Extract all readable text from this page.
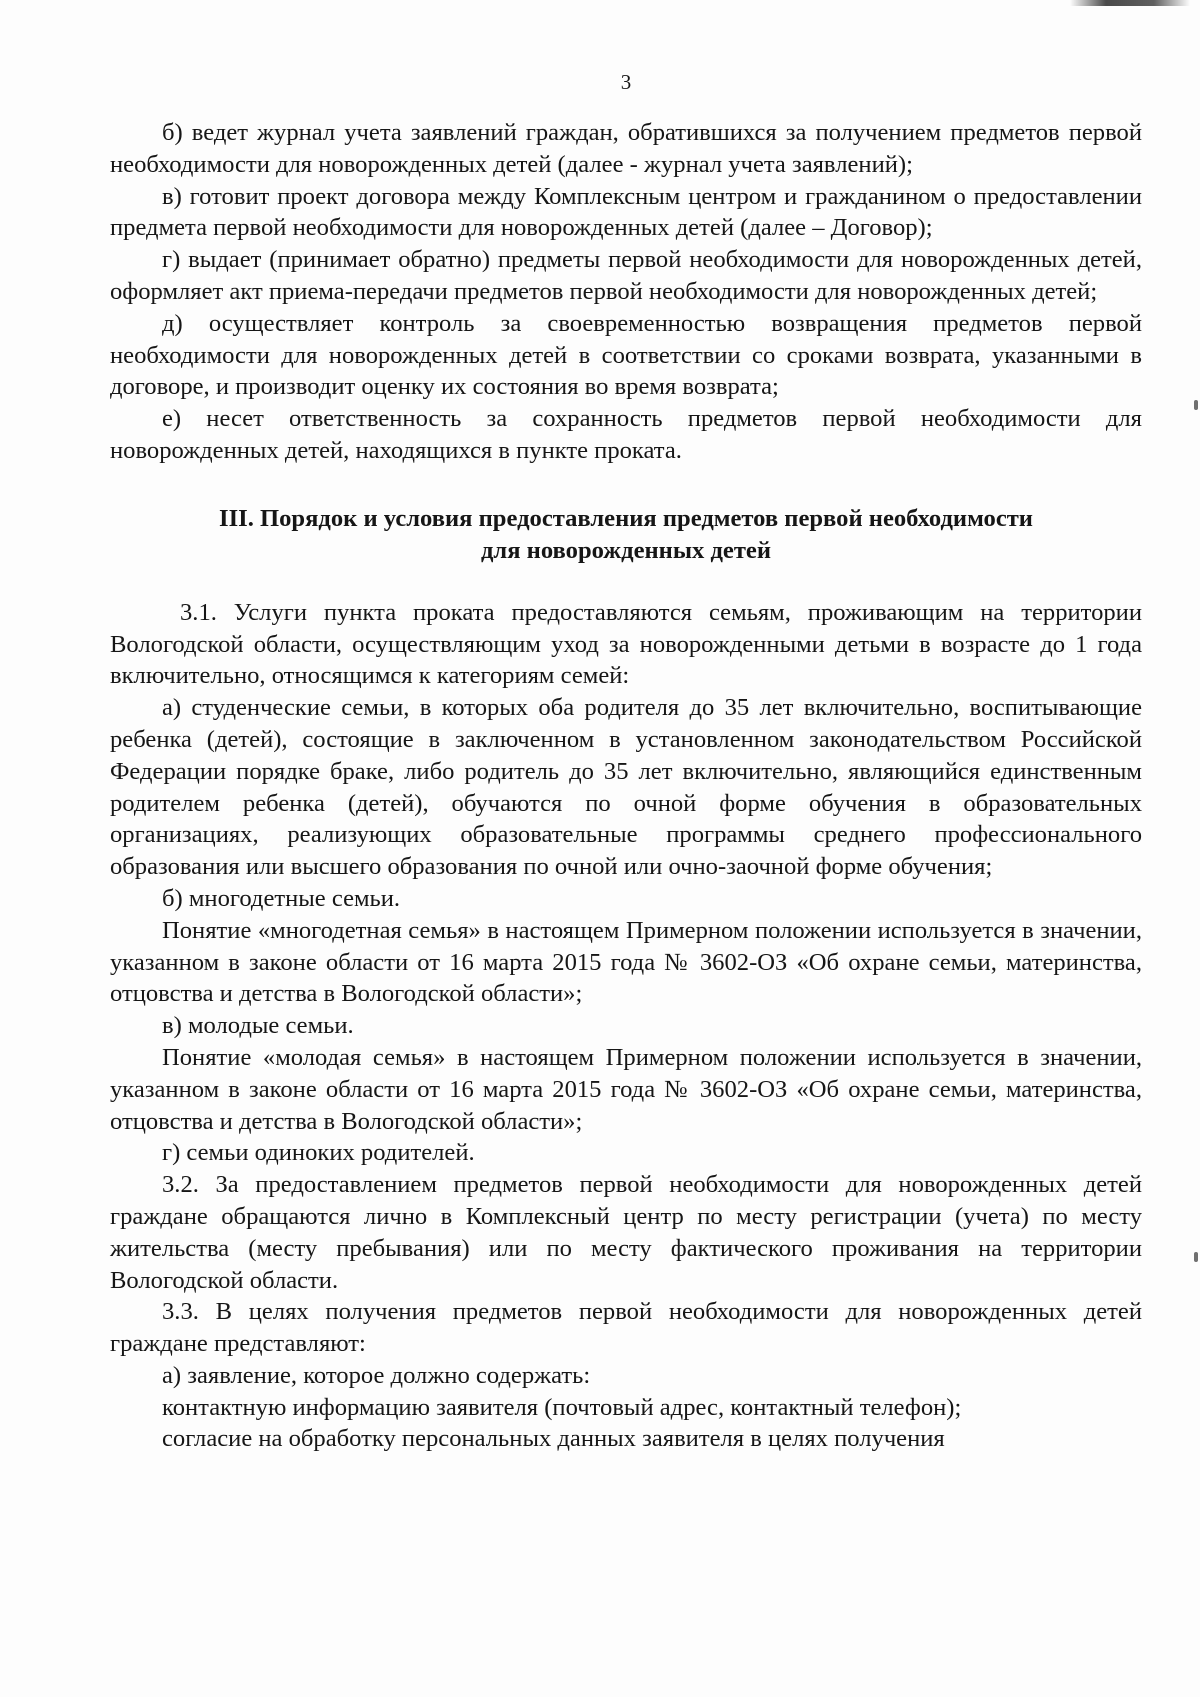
3

б) ведет журнал учета заявлений граждан, обратившихся за получением предметов первой необходимости для новорожденных детей (далее - журнал учета заявлений);

в) готовит проект договора между Комплексным центром и гражданином о предоставлении предмета первой необходимости для новорожденных детей (далее – Договор);

г) выдает (принимает обратно) предметы первой необходимости для новорожденных детей, оформляет акт приема-передачи предметов первой необходимости для новорожденных детей;

д) осуществляет контроль за своевременностью возвращения предметов первой необходимости для новорожденных детей в соответствии со сроками возврата, указанными в договоре, и производит оценку их состояния во время возврата;

е) несет ответственность за сохранность предметов первой необходимости для новорожденных детей, находящихся в пункте проката.

III. Порядок и условия предоставления предметов первой необходимости
для новорожденных детей

3.1. Услуги пункта проката предоставляются семьям, проживающим на территории Вологодской области, осуществляющим уход за новорожденными детьми в возрасте до 1 года включительно, относящимся к категориям семей:

а) студенческие семьи, в которых оба родителя до 35 лет включительно, воспитывающие ребенка (детей), состоящие в заключенном в установленном законодательством Российской Федерации порядке браке, либо родитель до 35 лет включительно, являющийся единственным родителем ребенка (детей), обучаются по очной форме обучения в образовательных организациях, реализующих образовательные программы среднего профессионального образования или высшего образования по очной или очно-заочной форме обучения;

б) многодетные семьи.

Понятие «многодетная семья» в настоящем Примерном положении используется в значении, указанном в законе области от 16 марта 2015 года № 3602-ОЗ «Об охране семьи, материнства, отцовства и детства в Вологодской области»;

в) молодые семьи.

Понятие «молодая семья» в настоящем Примерном положении используется в значении, указанном в законе области от 16 марта 2015 года № 3602-ОЗ «Об охране семьи, материнства, отцовства и детства в Вологодской области»;

г) семьи одиноких родителей.

3.2. За предоставлением предметов первой необходимости для новорожденных детей граждане обращаются лично в Комплексный центр по месту регистрации (учета) по месту жительства (месту пребывания) или по месту фактического проживания на территории Вологодской области.

3.3. В целях получения предметов первой необходимости для новорожденных детей граждане представляют:

а) заявление, которое должно содержать:

контактную информацию заявителя (почтовый адрес, контактный телефон);

согласие на обработку персональных данных заявителя в целях получения
